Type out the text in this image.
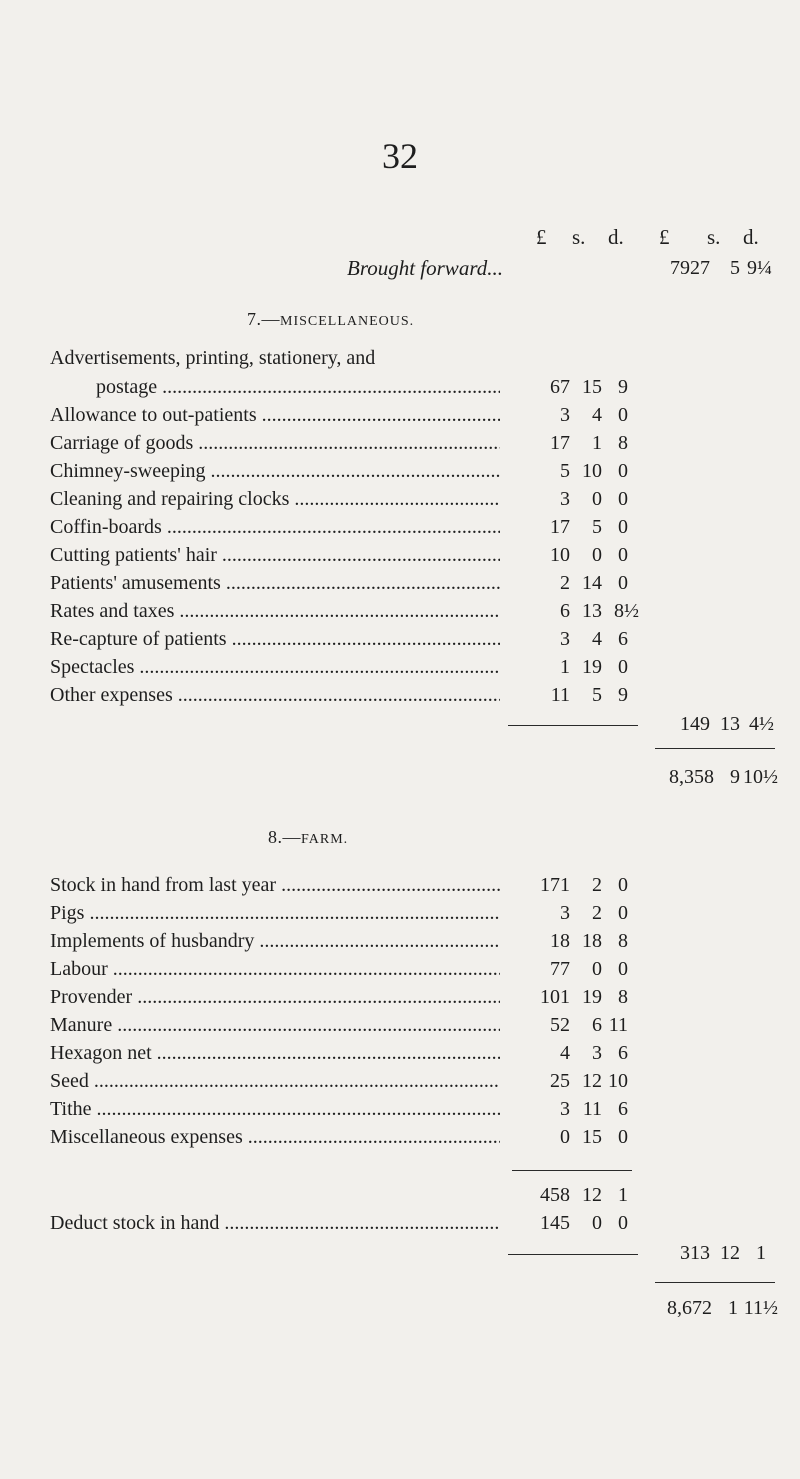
32
£ s. d. £ s. d.
Brought forward...	7927	5 9¼
7.—MISCELLANEOUS.
Advertisements, printing, stationery, and
postage .....	67 15 9
Allowance to out-patients .....	3	4 0
Carriage of goods .....	17	1 8
Chimney-sweeping .....	5 10 0
Cleaning and repairing clocks .....	3	0 0
Coffin-boards .....	17	5 0
Cutting patients' hair .....	10	0 0
Patients' amusements .....	2 14 0
Rates and taxes .....	6 13 8½
Re-capture of patients .....	3	4 6
Spectacles .....	1 19 0
Other expenses .....	11	5 9
149 13 4½
8,358 9 10½
8.—FARM.
Stock in hand from last year .....	171	2 0
Pigs .....	3	2 0
Implements of husbandry .....	18 18 8
Labour .....	77	0 0
Provender .....	101 19 8
Manure .....	52	6 11
Hexagon net .....	4	3 6
Seed .....	25 12 10
Tithe .....	3 11 6
Miscellaneous expenses .....	0 15 0
458 12 1
Deduct stock in hand .....	145	0 0
313 12 1
8,672 1 11½
